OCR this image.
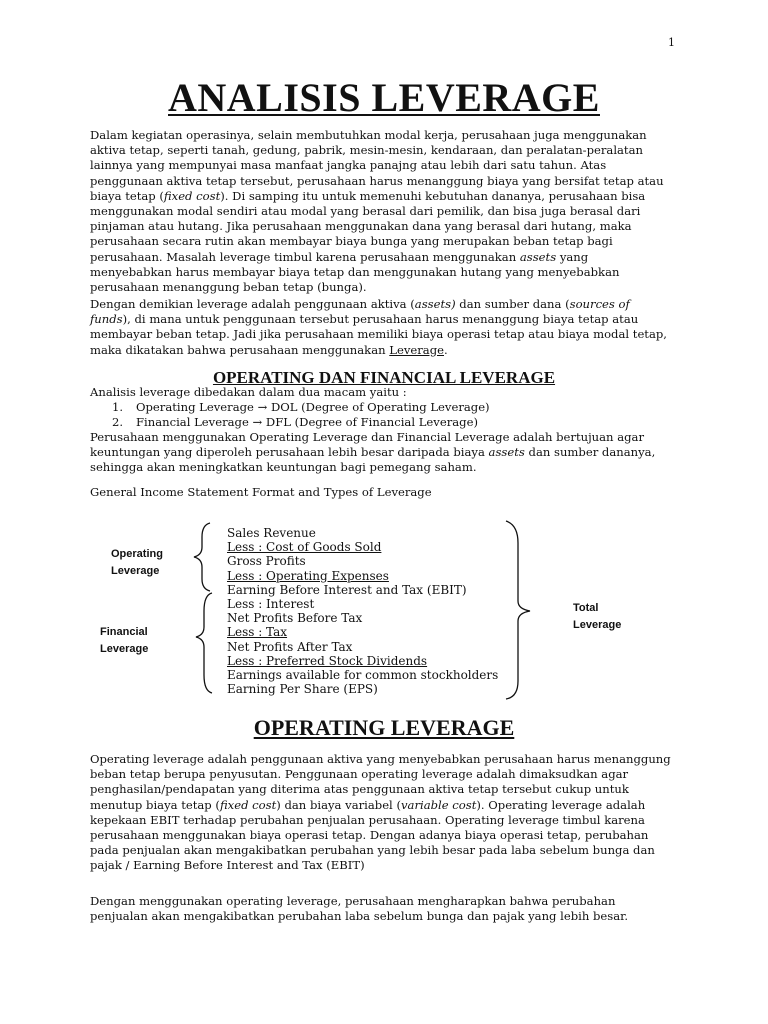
1
ANALISIS LEVERAGE
Dalam kegiatan operasinya, selain membutuhkan modal kerja, perusahaan juga menggunakan
aktiva tetap, seperti tanah, gedung, pabrik, mesin-mesin, kendaraan, dan peralatan-peralatan
lainnya yang mempunyai masa manfaat jangka panajng atau lebih dari satu tahun. Atas
penggunaan aktiva tetap tersebut, perusahaan harus menanggung biaya yang bersifat tetap atau
biaya tetap (fixed cost). Di samping itu untuk memenuhi kebutuhan dananya, perusahaan bisa
menggunakan modal sendiri atau modal yang berasal dari pemilik, dan bisa juga berasal dari
pinjaman atau hutang. Jika perusahaan menggunakan dana yang berasal dari hutang, maka
perusahaan secara rutin akan membayar biaya bunga yang merupakan beban tetap bagi
perusahaan. Masalah leverage timbul karena perusahaan menggunakan assets yang
menyebabkan harus membayar biaya tetap dan menggunakan hutang yang menyebabkan
perusahaan menanggung beban tetap (bunga).
Dengan demikian leverage adalah penggunaan aktiva (assets) dan sumber dana (sources of
funds), di mana untuk penggunaan tersebut perusahaan harus menanggung biaya tetap atau
membayar beban tetap. Jadi jika perusahaan memiliki biaya operasi tetap atau biaya modal tetap,
maka dikatakan bahwa perusahaan menggunakan Leverage.
OPERATING DAN FINANCIAL LEVERAGE
Analisis leverage dibedakan dalam dua macam yaitu :
1. Operating Leverage → DOL (Degree of Operating Leverage)
2. Financial Leverage → DFL (Degree of Financial Leverage)
Perusahaan menggunakan Operating Leverage dan Financial Leverage adalah bertujuan agar
keuntungan yang diperoleh perusahaan lebih besar daripada biaya assets dan sumber dananya,
sehingga akan meningkatkan keuntungan bagi pemegang saham.
General Income Statement Format and Types of Leverage
Operating
Leverage
Financial
Leverage
Total
Leverage
Sales Revenue
Less : Cost of Goods Sold
Gross Profits
Less : Operating Expenses
Earning Before Interest and Tax (EBIT)
Less : Interest
Net Profits Before Tax
Less : Tax
Net Profits After Tax
Less : Preferred Stock Dividends
Earnings available for common stockholders
Earning Per Share (EPS)
OPERATING LEVERAGE
Operating leverage adalah penggunaan aktiva yang menyebabkan perusahaan harus menanggung
beban tetap berupa penyusutan. Penggunaan operating leverage adalah dimaksudkan agar
penghasilan/pendapatan yang diterima atas penggunaan aktiva tetap tersebut cukup untuk
menutup biaya tetap (fixed cost) dan biaya variabel (variable cost). Operating leverage adalah
kepekaan EBIT terhadap perubahan penjualan perusahaan. Operating leverage timbul karena
perusahaan menggunakan biaya operasi tetap. Dengan adanya biaya operasi tetap, perubahan
pada penjualan akan mengakibatkan perubahan yang lebih besar pada laba sebelum bunga dan
pajak / Earning Before Interest and Tax (EBIT)
Dengan menggunakan operating leverage, perusahaan mengharapkan bahwa perubahan
penjualan akan mengakibatkan perubahan laba sebelum bunga dan pajak yang lebih besar.
